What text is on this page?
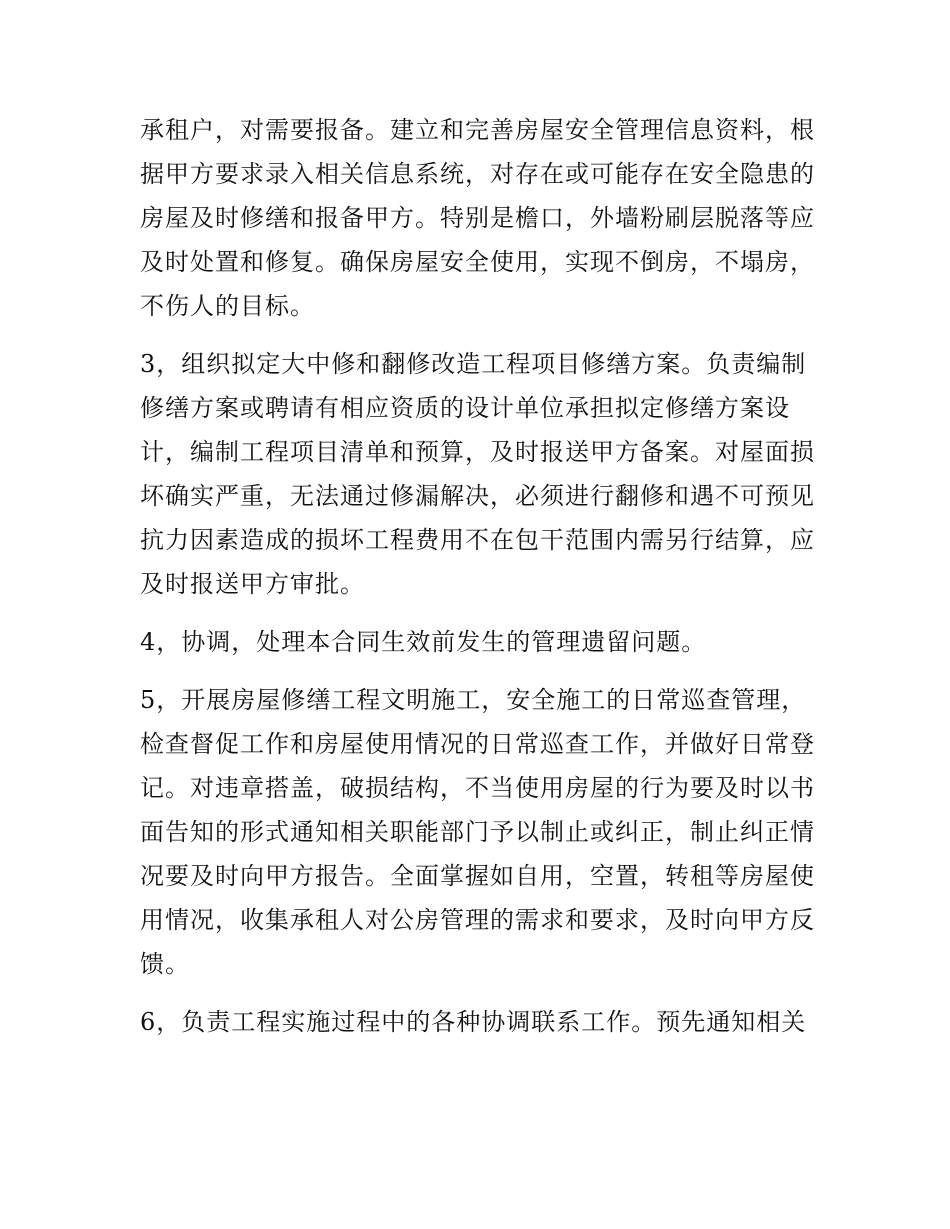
承租户，对需要报备。建立和完善房屋安全管理信息资料，根
据甲方要求录入相关信息系统，对存在或可能存在安全隐患的
房屋及时修缮和报备甲方。特别是檐口，外墙粉刷层脱落等应
及时处置和修复。确保房屋安全使用，实现不倒房，不塌房，
不伤人的目标。
3，组织拟定大中修和翻修改造工程项目修缮方案。负责编制
修缮方案或聘请有相应资质的设计单位承担拟定修缮方案设
计，编制工程项目清单和预算，及时报送甲方备案。对屋面损
坏确实严重，无法通过修漏解决，必须进行翻修和遇不可预见
抗力因素造成的损坏工程费用不在包干范围内需另行结算，应
及时报送甲方审批。
4，协调，处理本合同生效前发生的管理遗留问题。
5，开展房屋修缮工程文明施工，安全施工的日常巡查管理，
检查督促工作和房屋使用情况的日常巡查工作，并做好日常登
记。对违章搭盖，破损结构，不当使用房屋的行为要及时以书
面告知的形式通知相关职能部门予以制止或纠正，制止纠正情
况要及时向甲方报告。全面掌握如自用，空置，转租等房屋使
用情况，收集承租人对公房管理的需求和要求，及时向甲方反
馈。
6，负责工程实施过程中的各种协调联系工作。预先通知相关
